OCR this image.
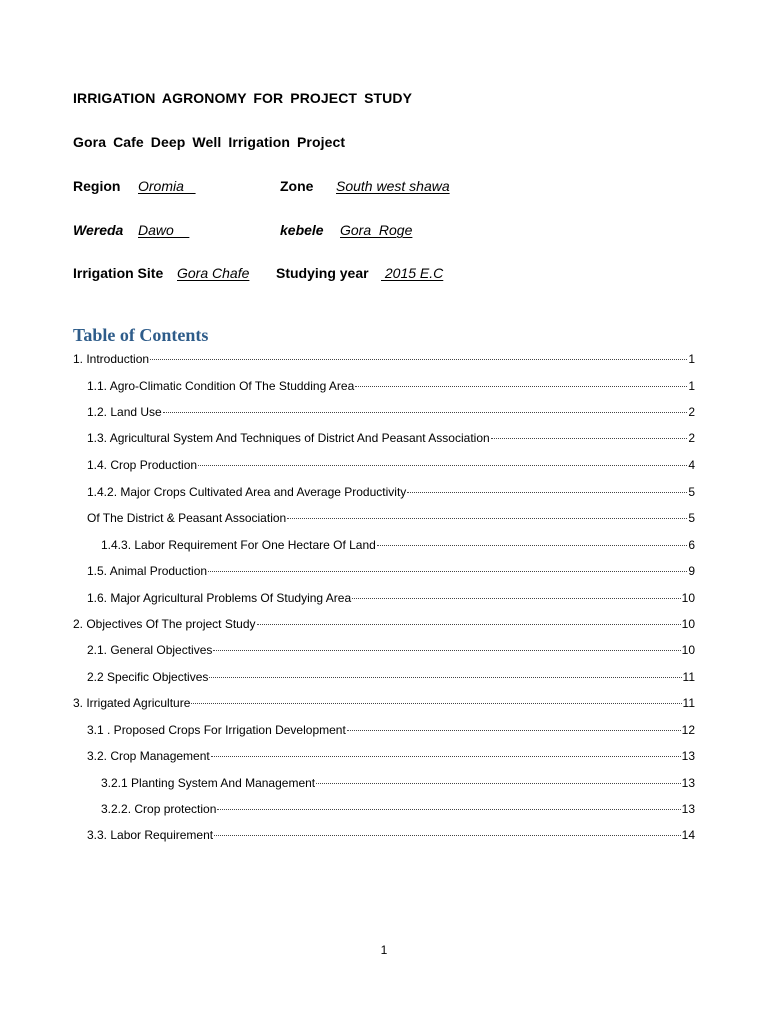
IRRIGATION AGRONOMY FOR PROJECT STUDY
Gora Cafe Deep Well Irrigation Project
Region Oromia	Zone South west shawa
Wereda Dawo	kebele Gora  Roge
Irrigation Site Gora Chafe Studying year 2015 E.C
Table of Contents
1. Introduction	1
1.1. Agro-Climatic Condition Of The Studding Area	1
1.2. Land Use	2
1.3. Agricultural System And Techniques of District And Peasant Association	2
1.4. Crop Production	4
1.4.2. Major Crops Cultivated Area and Average Productivity	5
Of The District & Peasant Association	5
1.4.3. Labor Requirement For One Hectare Of Land	6
1.5. Animal Production	9
1.6. Major Agricultural Problems Of Studying Area	10
2. Objectives Of The project Study	10
2.1. General Objectives	10
2.2 Specific Objectives	11
3. Irrigated Agriculture	11
3.1 . Proposed Crops For Irrigation Development	12
3.2. Crop Management	13
3.2.1 Planting System And Management	13
3.2.2. Crop protection	13
3.3. Labor Requirement	14
1
